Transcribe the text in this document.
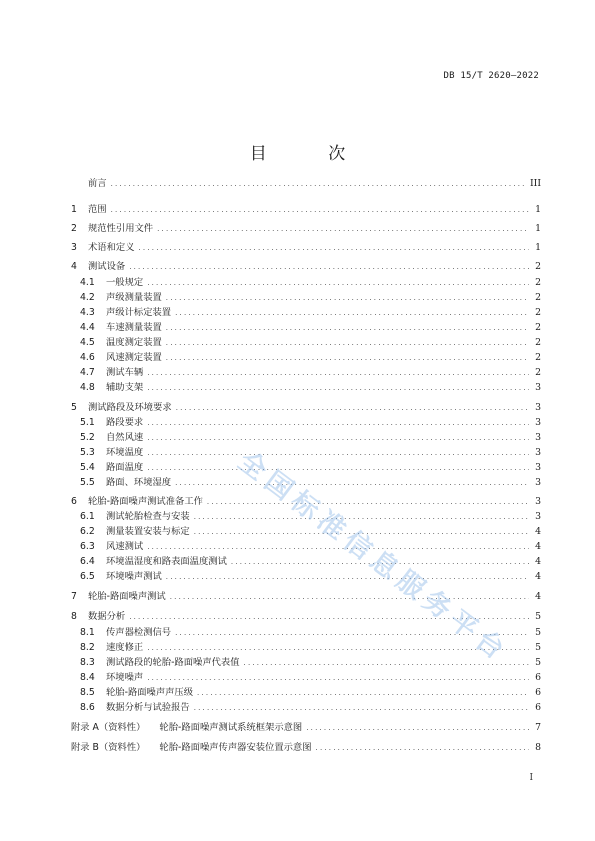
DB 15/T 2620—2022
目 次
前言 .....	III
1	范围 .....	1
2	规范性引用文件 .....	1
3	术语和定义 .....	1
4	测试设备 .....	2
4.1	一般规定 .....	2
4.2	声级测量装置 .....	2
4.3	声级计标定装置 .....	2
4.4	车速测量装置 .....	2
4.5	温度测定装置 .....	2
4.6	风速测定装置 .....	2
4.7	测试车辆 .....	2
4.8	辅助支架 .....	3
5	测试路段及环境要求 .....	3
5.1	路段要求 .....	3
5.2	自然风速 .....	3
5.3	环境温度 .....	3
5.4	路面温度 .....	3
5.5	路面、环境湿度 .....	3
6	轮胎-路面噪声测试准备工作 .....	3
6.1	测试轮胎检查与安装 .....	3
6.2	测量装置安装与标定 .....	4
6.3	风速测试 .....	4
6.4	环境温湿度和路表面温度测试 .....	4
6.5	环境噪声测试 .....	4
7	轮胎-路面噪声测试 .....	4
8	数据分析 .....	5
8.1	传声器检测信号 .....	5
8.2	速度修正 .....	5
8.3	测试路段的轮胎-路面噪声代表值 .....	5
8.4	环境噪声 .....	6
8.5	轮胎-路面噪声声压级 .....	6
8.6	数据分析与试验报告 .....	6
附录 A（资料性） 轮胎-路面噪声测试系统框架示意图 .....	7
附录 B（资料性） 轮胎-路面噪声传声器安装位置示意图 .....	8
全国标准信息服务平台
I
